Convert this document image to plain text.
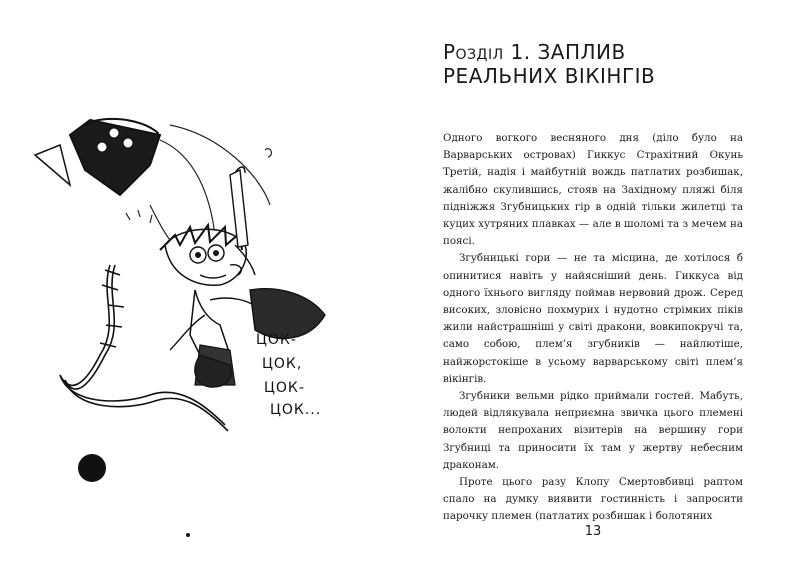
ЦОК-
ЦОК,
ЦОК-
ЦОК...
Розділ 1. ЗАПЛИВ РЕАЛЬНИХ ВІКІНГІВ

Одного вогкого весняного дня (діло було на Варварських островах) Гиккус Страхітний Окунь Третій, надія і майбутній вождь патлатих розбишак, жалібно скулившись, стояв на Західному пляжі біля підніжжя Згубницьких гір в одній тільки жилетці та куцих хутряних плавках — але в шоломі та з мечем на поясі.

Згубницькі гори — не та місцина, де хотілося б опинитися навіть у найясніший день. Гиккуса від одного їхнього вигляду поймав нервовий дрож. Серед високих, зловісно похмурих і нудотно стрімких піків жили найстрашніші у світі дракони, вовкипокручі та, само собою, плем’я згубників — найлютіше, найжорстокіше в усьому варварському світі плем’я вікінгів.

Згубники вельми рідко приймали гостей. Мабуть, людей відлякувала неприємна звичка цього племені волокти непроханих візитерів на вершину гори Згубниці та приносити їх там у жертву небесним драконам.

Проте цього разу Клопу Смертовбивці раптом спало на думку виявити гостинність і запросити парочку племен (патлатих розбишак і болотяних

13
